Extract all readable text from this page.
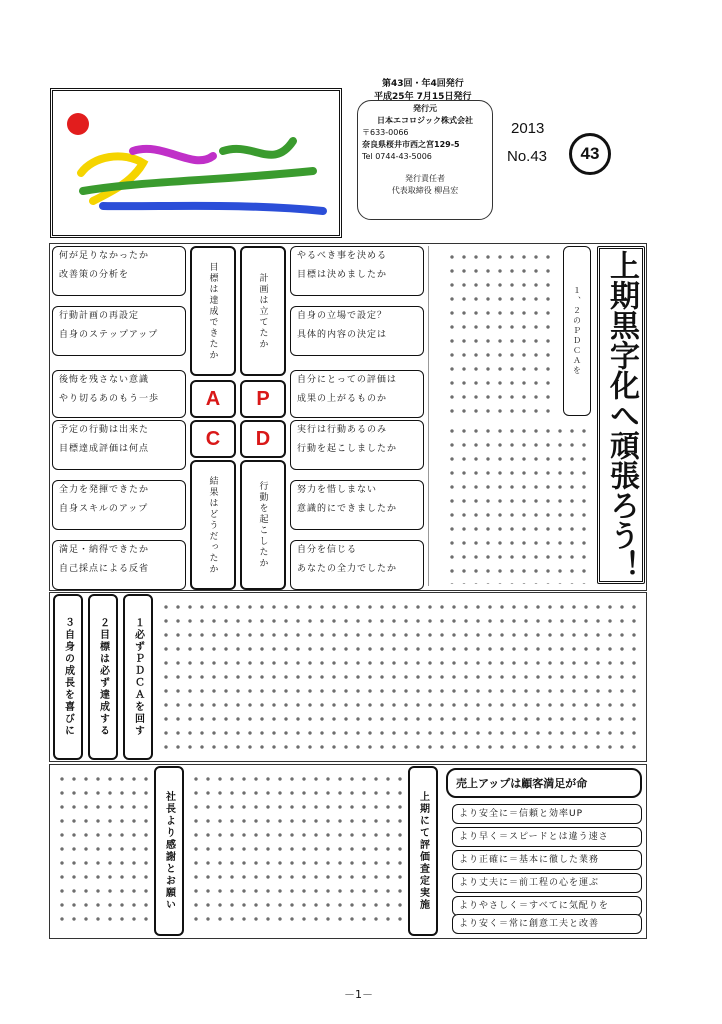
第43回・年4回発行
平成25年 7月15日発行
発行元
日本エコロジック株式会社
〒633-0066
奈良県桜井市西之宮129-5
Tel 0744-43-5006
発行責任者
代表取締役 柳昌宏
2013
No.43 43
何が足りなかったか
改善策の分析を
行動計画の再設定
自身のステップアップ
後悔を残さない意識
やり切るあのもう一歩
予定の行動は出来た
目標達成評価は何点
全力を発揮できたか
自身スキルのアップ
満足・納得できたか
自己採点による反省
目標は達成できたか	計画は立てたか
A	P
C	D
結果はどうだったか	行動を起こしたか
やるべき事を決める
目標は決めましたか
自身の立場で設定？
具体的内容の決定は
自分にとっての評価は
成果の上がるものか
実行は行動あるのみ
行動を起こしましたか
努力を惜しまない
意識的にできましたか
自分を信じる
あなたの全力でしたか
１、２のＰＤＣＡを 上期黒字化へ頑張ろう！
３自身の成長を喜びに	２目標は必ず達成する	１必ずＰＤＣＡを回す
社長より感謝とお願い	上期にて評価査定実施
売上アップは顧客満足が命
より安全に＝信頼と効率UP
より早く＝スピードとは違う速さ
より正確に＝基本に徹した業務
より丈夫に＝前工程の心を運ぶ
よりやさしく＝すべてに気配りを
より安く＝常に創意工夫と改善
－1－
